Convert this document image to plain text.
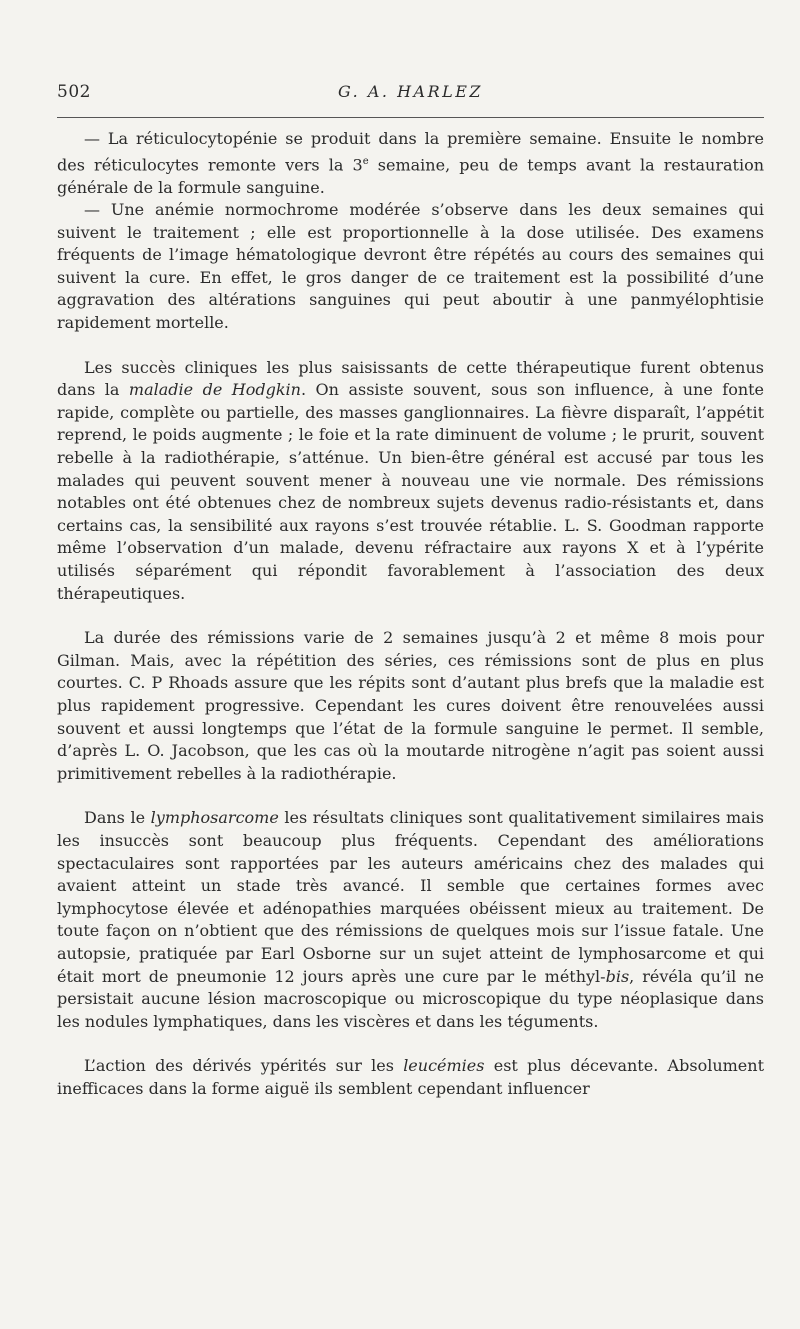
502	G. A. HARLEZ

— La réticulocytopénie se produit dans la première semaine. Ensuite le nombre des réticulocytes remonte vers la 3e semaine, peu de temps avant la restauration générale de la formule sanguine.

— Une anémie normochrome modérée s’observe dans les deux semaines qui suivent le traitement ; elle est proportionnelle à la dose utilisée. Des examens fréquents de l’image hématologique devront être répétés au cours des semaines qui suivent la cure. En effet, le gros danger de ce traitement est la possibilité d’une aggravation des altérations sanguines qui peut aboutir à une panmyélophtisie rapidement mortelle.

Les succès cliniques les plus saisissants de cette thérapeutique furent obtenus dans la maladie de Hodgkin. On assiste souvent, sous son influence, à une fonte rapide, complète ou partielle, des masses ganglionnaires. La fièvre disparaît, l’appétit reprend, le poids augmente ; le foie et la rate diminuent de volume ; le prurit, souvent rebelle à la radiothérapie, s’atténue. Un bien-être général est accusé par tous les malades qui peuvent souvent mener à nouveau une vie normale. Des rémissions notables ont été obtenues chez de nombreux sujets devenus radio-résistants et, dans certains cas, la sensibilité aux rayons s’est trouvée rétablie. L. S. Goodman rapporte même l’observation d’un malade, devenu réfractaire aux rayons X et à l’ypérite utilisés séparément qui répondit favorablement à l’association des deux thérapeutiques.

La durée des rémissions varie de 2 semaines jusqu’à 2 et même 8 mois pour Gilman. Mais, avec la répétition des séries, ces rémissions sont de plus en plus courtes. C. P Rhoads assure que les répits sont d’autant plus brefs que la maladie est plus rapidement progressive. Cependant les cures doivent être renouvelées aussi souvent et aussi longtemps que l’état de la formule sanguine le permet. Il semble, d’après L. O. Jacobson, que les cas où la moutarde nitrogène n’agit pas soient aussi primitivement rebelles à la radiothérapie.

Dans le lymphosarcome les résultats cliniques sont qualitativement similaires mais les insuccès sont beaucoup plus fréquents. Cependant des améliorations spectaculaires sont rapportées par les auteurs américains chez des malades qui avaient atteint un stade très avancé. Il semble que certaines formes avec lymphocytose élevée et adénopathies marquées obéissent mieux au traitement. De toute façon on n’obtient que des rémissions de quelques mois sur l’issue fatale. Une autopsie, pratiquée par Earl Osborne sur un sujet atteint de lymphosarcome et qui était mort de pneumonie 12 jours après une cure par le méthyl-bis, révéla qu’il ne persistait aucune lésion macroscopique ou microscopique du type néoplasique dans les nodules lymphatiques, dans les viscères et dans les téguments.

L’action des dérivés ypérités sur les leucémies est plus décevante. Absolument inefficaces dans la forme aiguë ils semblent cependant influencer
